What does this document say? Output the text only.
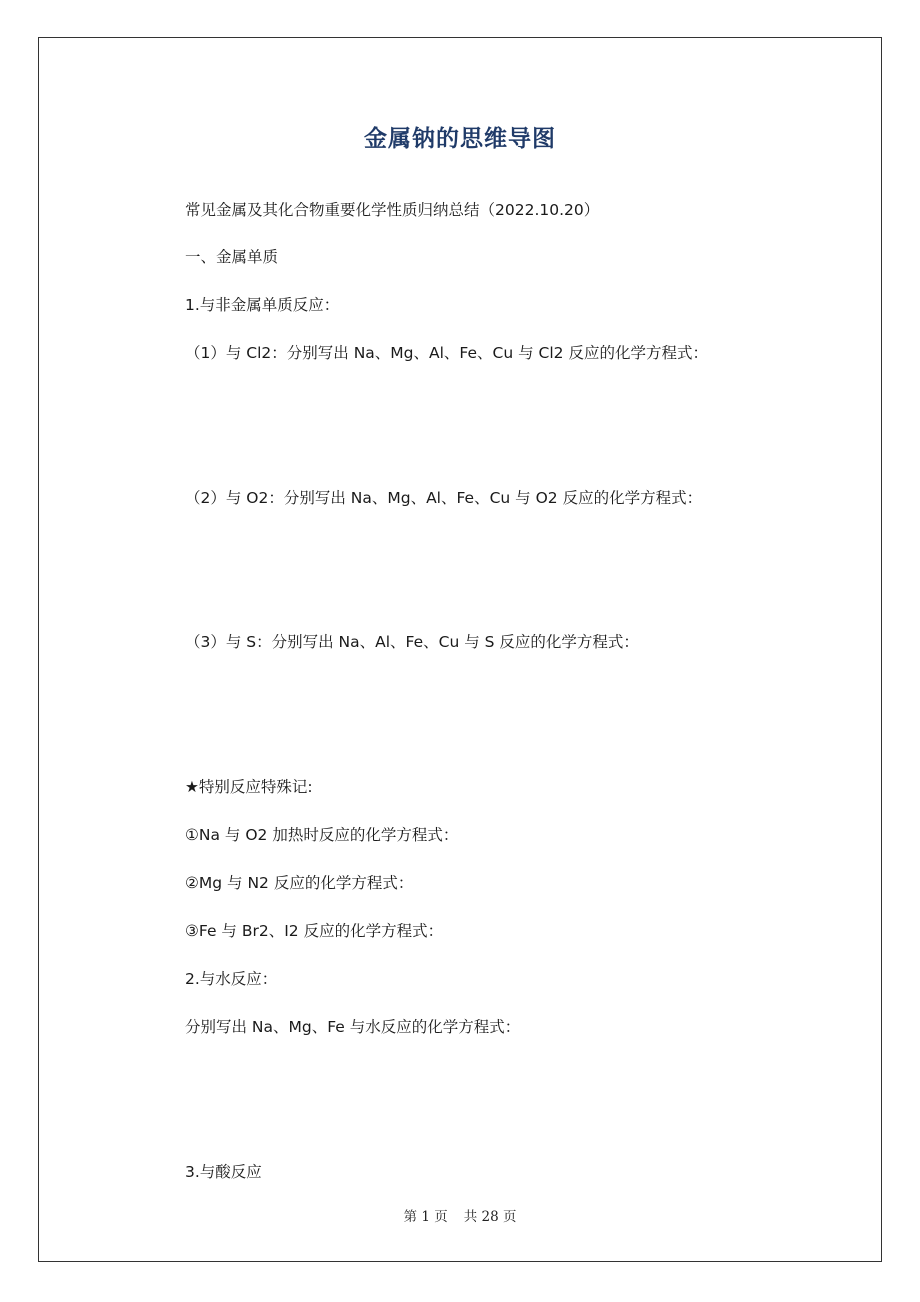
金属钠的思维导图

常见金属及其化合物重要化学性质归纳总结（2022.10.20）

一、金属单质

1.与非金属单质反应：

（1）与 Cl2：分别写出 Na、Mg、Al、Fe、Cu 与 Cl2 反应的化学方程式：

（2）与 O2：分别写出 Na、Mg、Al、Fe、Cu 与 O2 反应的化学方程式：

（3）与 S：分别写出 Na、Al、Fe、Cu 与 S 反应的化学方程式：

★特别反应特殊记:

①Na 与 O2 加热时反应的化学方程式：

②Mg 与 N2 反应的化学方程式：

③Fe 与 Br2、I2 反应的化学方程式：

2.与水反应：

分别写出 Na、Mg、Fe 与水反应的化学方程式：

3.与酸反应

第 1 页 共 28 页
